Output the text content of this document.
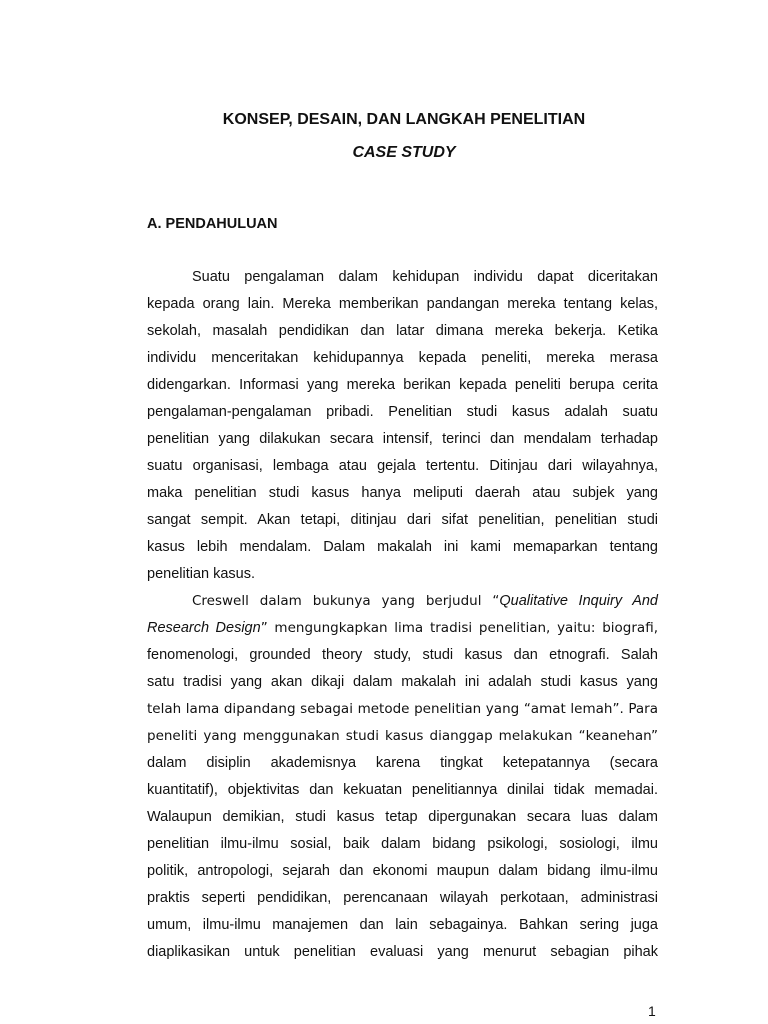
KONSEP, DESAIN, DAN LANGKAH PENELITIAN
CASE STUDY
A. PENDAHULUAN

Suatu pengalaman dalam kehidupan individu dapat diceritakan

kepada orang lain. Mereka memberikan pandangan mereka tentang kelas,

sekolah, masalah pendidikan dan latar dimana mereka bekerja. Ketika

individu menceritakan kehidupannya kepada peneliti, mereka merasa

didengarkan. Informasi yang mereka berikan kepada peneliti berupa cerita

pengalaman-pengalaman pribadi. Penelitian studi kasus adalah suatu

penelitian yang dilakukan secara intensif, terinci dan mendalam terhadap

suatu organisasi, lembaga atau gejala tertentu. Ditinjau dari wilayahnya,

maka penelitian studi kasus hanya meliputi daerah atau subjek yang

sangat sempit. Akan tetapi, ditinjau dari sifat penelitian, penelitian studi

kasus lebih mendalam. Dalam makalah ini kami memaparkan tentang

penelitian kasus.

Creswell dalam bukunya yang berjudul “Qualitative Inquiry And

Research Design” mengungkapkan lima tradisi penelitian, yaitu: biografi,

fenomenologi, grounded theory study, studi kasus dan etnografi. Salah

satu tradisi yang akan dikaji dalam makalah ini adalah studi kasus yang

telah lama dipandang sebagai metode penelitian yang “amat lemah”. Para

peneliti yang menggunakan studi kasus dianggap melakukan “keanehan”

dalam disiplin akademisnya karena tingkat ketepatannya (secara

kuantitatif), objektivitas dan kekuatan penelitiannya dinilai tidak memadai.

Walaupun demikian, studi kasus tetap dipergunakan secara luas dalam

penelitian ilmu-ilmu sosial, baik dalam bidang psikologi, sosiologi, ilmu

politik, antropologi, sejarah dan ekonomi maupun dalam bidang ilmu-ilmu

praktis seperti pendidikan, perencanaan wilayah perkotaan, administrasi

umum, ilmu-ilmu manajemen dan lain sebagainya. Bahkan sering juga

diaplikasikan untuk penelitian evaluasi yang menurut sebagian pihak

1
